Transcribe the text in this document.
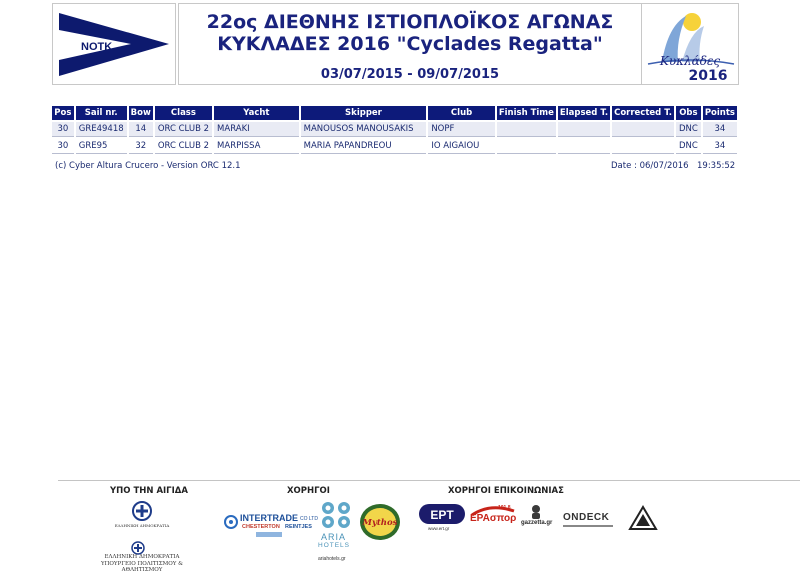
NOTK
22ος ΔΙΕΘΝΗΣ ΙΣΤΙΟΠΛΟΪΚΟΣ ΑΓΩΝΑΣ
ΚΥΚΛΑΔΕΣ 2016 "Cyclades Regatta"
03/07/2015 - 09/07/2015
Κυκλάδες
2016
Pos	Sail nr.	Bow	Class	Yacht	Skipper	Club	Finish Time	Elapsed T.	Corrected T.	Obs	Points
30	GRE49418	14	ORC CLUB 2	MARAKI	MANOUSOS MANOUSAKIS	NOPF				DNC	34
30	GRE95	32	ORC CLUB 2	MARPISSA	MARIA PAPANDREOU	IO AIGAIOU				DNC	34
(c) Cyber Altura Crucero - Version ORC 12.1	Date : 06/07/2016 19:35:52
ΥΠΟ ΤΗΝ ΑΙΓΙΔΑ	ΧΟΡΗΓΟΙ	ΧΟΡΗΓΟΙ ΕΠΙΚΟΙΝΩΝΙΑΣ
ΕΛΛΗΝΙΚΗ ΔΗΜΟΚΡΑΤΙΑ
ΕΛΛΗΝΙΚΗ ΔΗΜΟΚΡΑΤΙΑ
ΥΠΟΥΡΓΕΙΟ ΠΟΛΙΤΙΣΜΟΥ & ΑΘΛΗΤΙΣΜΟΥ
INTERTRADE CO LTD
CHESTERTON REINTJES
ARIA
HOTELS
ariahotels.gr
Mythos
ΕΡΤ
www.ert.gr
101.8
ΕΡΑσπορ gazzetta.gr ONDECK
